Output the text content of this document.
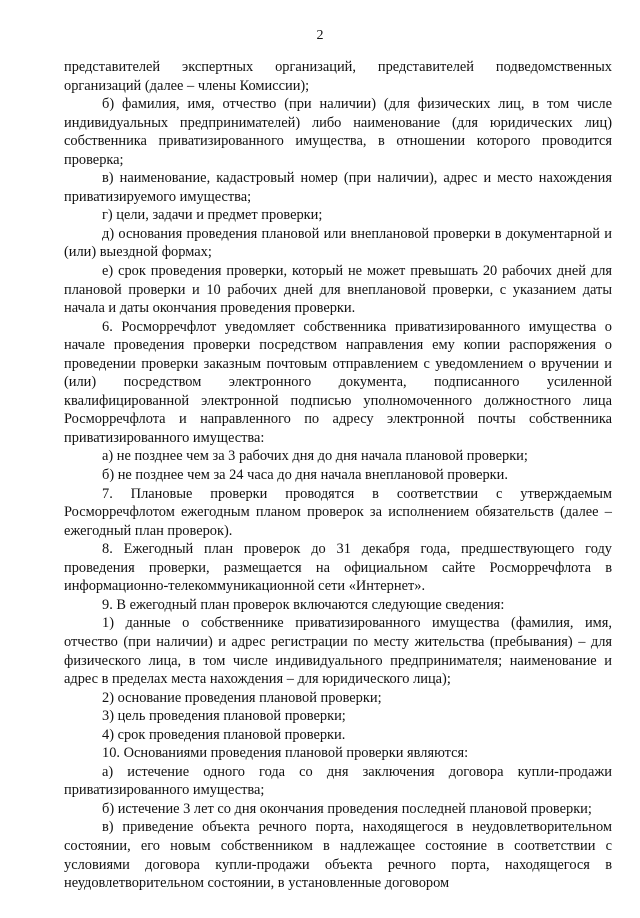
2

представителей экспертных организаций, представителей подведомственных организаций (далее – члены Комиссии);

б) фамилия, имя, отчество (при наличии) (для физических лиц, в том числе индивидуальных предпринимателей) либо наименование (для юридических лиц) собственника приватизированного имущества, в отношении которого проводится проверка;

в) наименование, кадастровый номер (при наличии), адрес и место нахождения приватизируемого имущества;

г) цели, задачи и предмет проверки;

д) основания проведения плановой или внеплановой проверки в документарной и (или) выездной формах;

е) срок проведения проверки, который не может превышать 20 рабочих дней для плановой проверки и 10 рабочих дней для внеплановой проверки, с указанием даты начала и даты окончания проведения проверки.

6. Росморречфлот уведомляет собственника приватизированного имущества о начале проведения проверки посредством направления ему копии распоряжения о проведении проверки заказным почтовым отправлением с уведомлением о вручении и (или) посредством электронного документа, подписанного усиленной квалифицированной электронной подписью уполномоченного должностного лица Росморречфлота и направленного по адресу электронной почты собственника приватизированного имущества:

а) не позднее чем за 3 рабочих дня до дня начала плановой проверки;

б) не позднее чем за 24 часа до дня начала внеплановой проверки.

7. Плановые проверки проводятся в соответствии с утверждаемым Росморречфлотом ежегодным планом проверок за исполнением обязательств (далее – ежегодный план проверок).

8. Ежегодный план проверок до 31 декабря года, предшествующего году проведения проверки, размещается на официальном сайте Росморречфлота в информационно-телекоммуникационной сети «Интернет».

9. В ежегодный план проверок включаются следующие сведения:

1) данные о собственнике приватизированного имущества (фамилия, имя, отчество (при наличии) и адрес регистрации по месту жительства (пребывания) – для физического лица, в том числе индивидуального предпринимателя; наименование и адрес в пределах места нахождения – для юридического лица);

2) основание проведения плановой проверки;

3) цель проведения плановой проверки;

4) срок проведения плановой проверки.

10. Основаниями проведения плановой проверки являются:

а) истечение одного года со дня заключения договора купли-продажи приватизированного имущества;

б) истечение 3 лет со дня окончания проведения последней плановой проверки;

в) приведение объекта речного порта, находящегося в неудовлетворительном состоянии, его новым собственником в надлежащее состояние в соответствии с условиями договора купли-продажи объекта речного порта, находящегося в неудовлетворительном состоянии, в установленные договором
